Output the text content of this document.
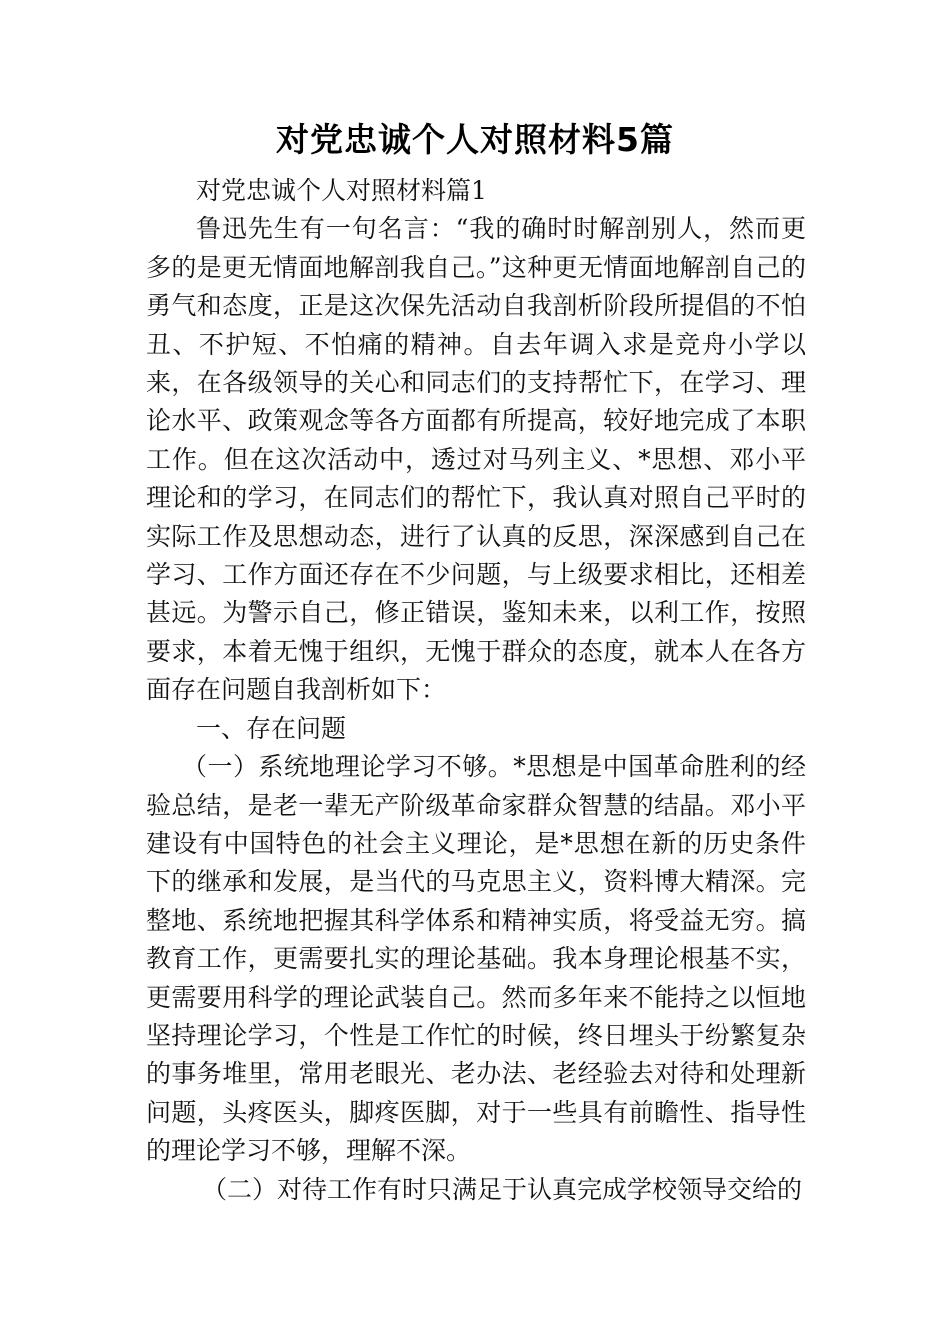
对党忠诚个人对照材料5篇

对党忠诚个人对照材料篇1

鲁迅先生有一句名言：“我的确时时解剖别人，然而更多的是更无情面地解剖我自己。”这种更无情面地解剖自己的勇气和态度，正是这次保先活动自我剖析阶段所提倡的不怕丑、不护短、不怕痛的精神。自去年调入求是竞舟小学以来，在各级领导的关心和同志们的支持帮忙下，在学习、理论水平、政策观念等各方面都有所提高，较好地完成了本职工作。但在这次活动中，透过对马列主义、*思想、邓小平理论和的学习，在同志们的帮忙下，我认真对照自己平时的实际工作及思想动态，进行了认真的反思，深深感到自己在学习、工作方面还存在不少问题，与上级要求相比，还相差甚远。为警示自己，修正错误，鉴知未来，以利工作，按照要求，本着无愧于组织，无愧于群众的态度，就本人在各方面存在问题自我剖析如下：

一、存在问题

（一）系统地理论学习不够。*思想是中国革命胜利的经验总结，是老一辈无产阶级革命家群众智慧的结晶。邓小平建设有中国特色的社会主义理论，是*思想在新的历史条件下的继承和发展，是当代的马克思主义，资料博大精深。完整地、系统地把握其科学体系和精神实质，将受益无穷。搞教育工作，更需要扎实的理论基础。我本身理论根基不实，更需要用科学的理论武装自己。然而多年来不能持之以恒地坚持理论学习，个性是工作忙的时候，终日埋头于纷繁复杂的事务堆里，常用老眼光、老办法、老经验去对待和处理新问题，头疼医头，脚疼医脚，对于一些具有前瞻性、指导性的理论学习不够，理解不深。

（二）对待工作有时只满足于认真完成学校领导交给的
